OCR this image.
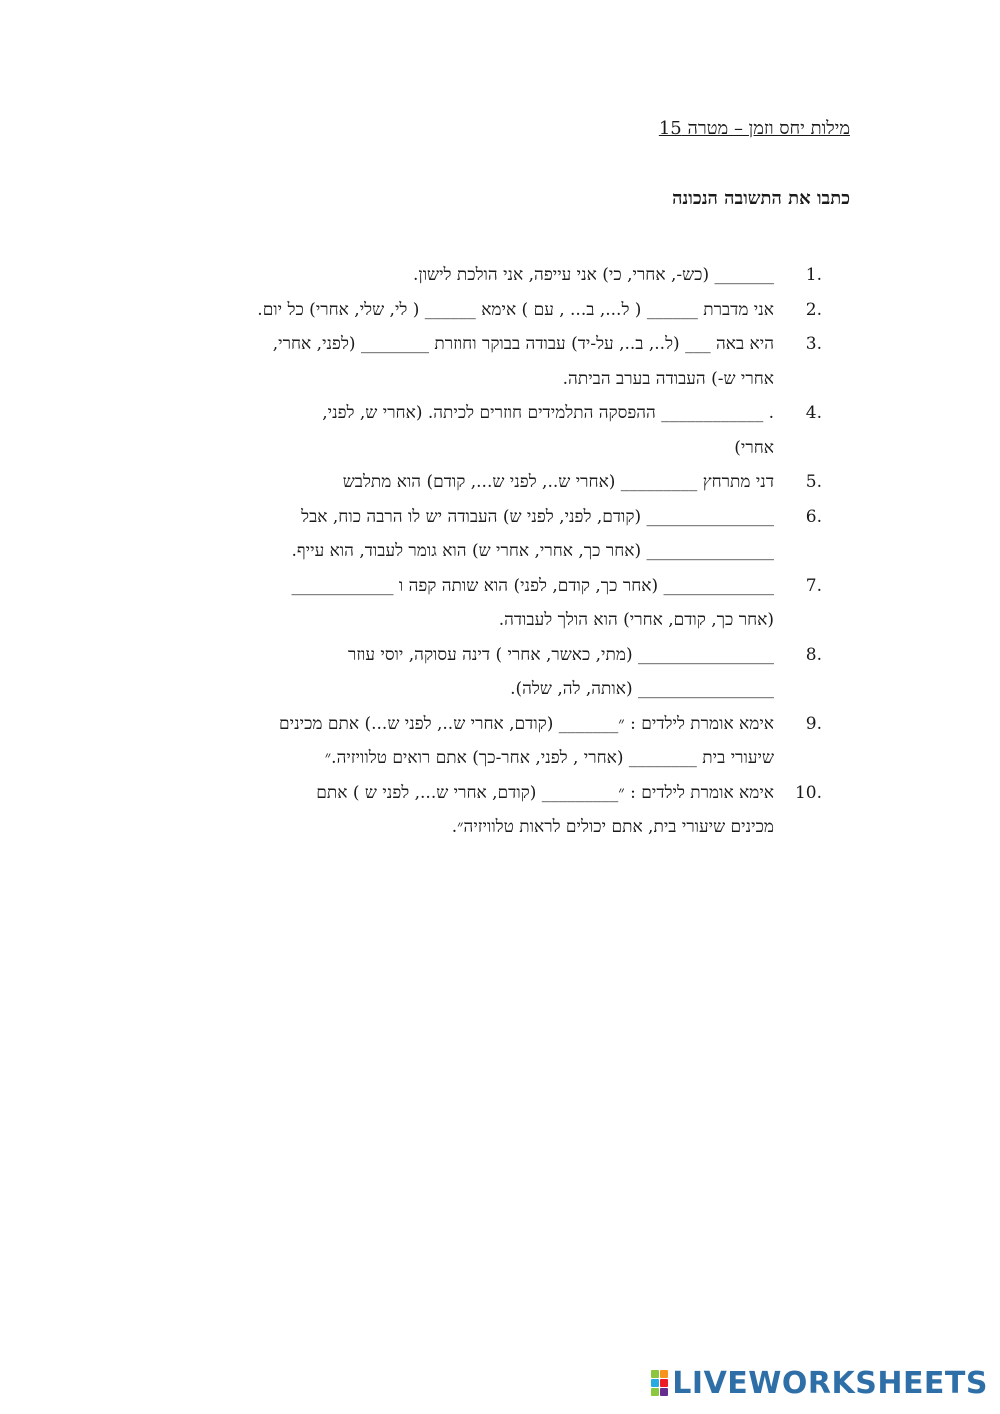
מילות יחס וזמן – מטרה 15
כתבו את התשובה הנכונה
1.
_______ (כש-, אחרי, כי) אני עייפה, אני הולכת לישון.
2.
אני מדברת ______ ( ל..., ב... , עם ) אימא ______ ( לי, שלי, אחרי) כל יום.
3.
היא באה ___ (ל.., ב.., על-יד) עבודה בבוקר וחוזרת ________ (לפני, אחרי,
אחרי ש-) העבודה בערב הביתה.
4.
. ____________ ההפסקה התלמידים חוזרים לכיתה. (אחרי ש, לפני,
אחרי)
5.
דני מתרחץ _________ (אחרי ש.., לפני ש..., קודם) הוא מתלבש
6.
_______________ (קודם, לפני, לפני ש) העבודה יש לו הרבה כוח, אבל
_______________ (אחר כך, אחרי, אחרי ש) הוא גומר לעבוד, הוא עייף.
7.
_____________ (אחר כך, קודם, לפני) הוא שותה קפה ו ____________
(אחר כך, קודם, אחרי) הוא הולך לעבודה.
8.
________________ (מתי, כאשר, אחרי ) דינה עסוקה, יוסי עוזר
________________ (אותה, לה, שלה).
9.
אימא אומרת לילדים : ״_______ (קודם, אחרי ש.., לפני ש...) אתם מכינים
שיעורי בית ________ (אחרי , לפני, אחר-כך) אתם רואים טלוויזיה.״
10.
אימא אומרת לילדים : ״_________ (קודם, אחרי ש..., לפני ש ) אתם
מכינים שיעורי בית, אתם יכולים לראות טלוויזיה״.
LIVEWORKSHEETS
